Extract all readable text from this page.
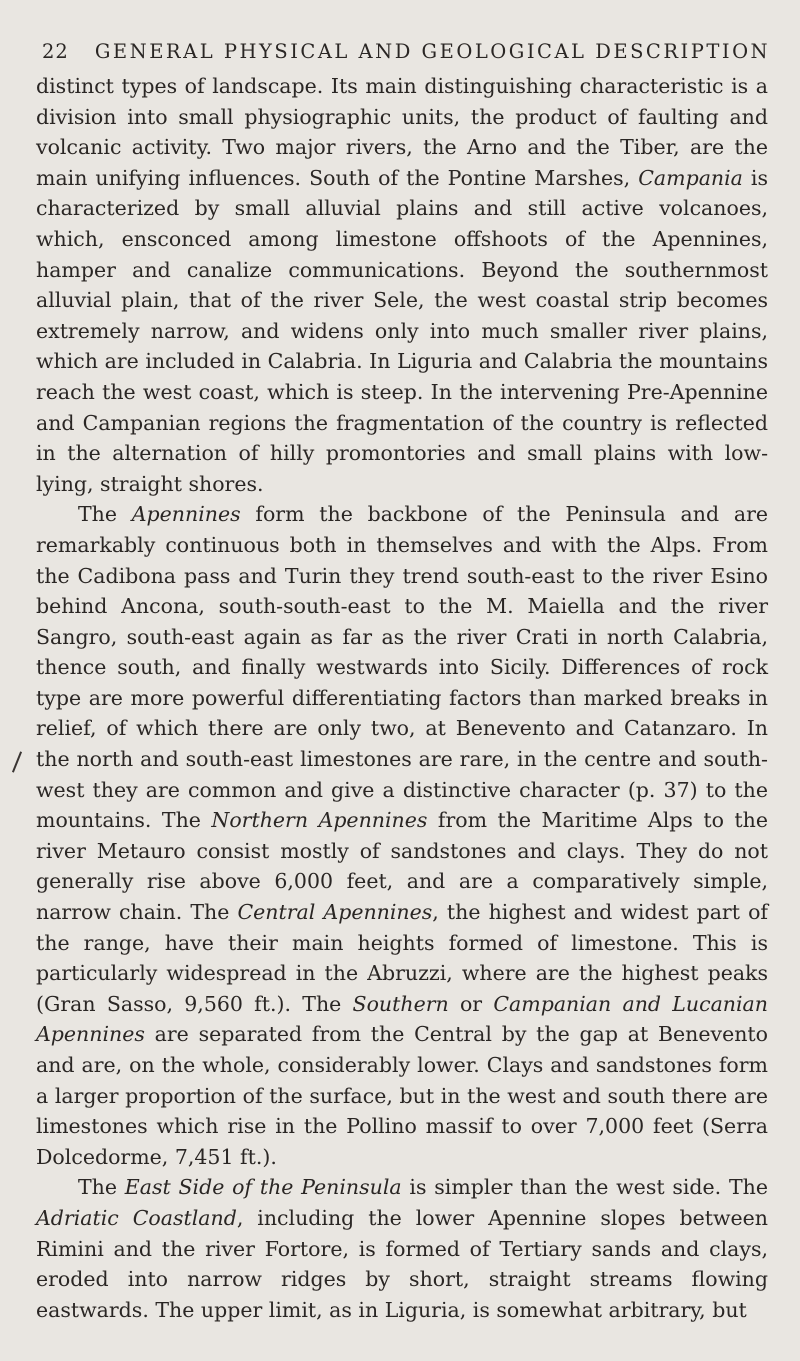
22 GENERAL PHYSICAL AND GEOLOGICAL DESCRIPTION

distinct types of landscape. Its main distinguishing characteristic is a division into small physiographic units, the product of faulting and volcanic activity. Two major rivers, the Arno and the Tiber, are the main unifying influences. South of the Pontine Marshes, Campania is characterized by small alluvial plains and still active volcanoes, which, ensconced among limestone offshoots of the Apennines, hamper and canalize communications. Beyond the southernmost alluvial plain, that of the river Sele, the west coastal strip becomes extremely narrow, and widens only into much smaller river plains, which are included in Calabria. In Liguria and Calabria the mountains reach the west coast, which is steep. In the intervening Pre-Apennine and Campanian regions the fragmentation of the country is reflected in the alternation of hilly promontories and small plains with low-lying, straight shores.

The Apennines form the backbone of the Peninsula and are remarkably continuous both in themselves and with the Alps. From the Cadibona pass and Turin they trend south-east to the river Esino behind Ancona, south-south-east to the M. Maiella and the river Sangro, south-east again as far as the river Crati in north Calabria, thence south, and finally westwards into Sicily. Differences of rock type are more powerful differentiating factors than marked breaks in relief, of which there are only two, at Benevento and Catanzaro. In the north and south-east limestones are rare, in the centre and south-west they are common and give a distinctive character (p. 37) to the mountains. The Northern Apennines from the Maritime Alps to the river Metauro consist mostly of sandstones and clays. They do not generally rise above 6,000 feet, and are a comparatively simple, narrow chain. The Central Apennines, the highest and widest part of the range, have their main heights formed of limestone. This is particularly widespread in the Abruzzi, where are the highest peaks (Gran Sasso, 9,560 ft.). The Southern or Campanian and Lucanian Apennines are separated from the Central by the gap at Benevento and are, on the whole, considerably lower. Clays and sandstones form a larger proportion of the surface, but in the west and south there are limestones which rise in the Pollino massif to over 7,000 feet (Serra Dolcedorme, 7,451 ft.).

The East Side of the Peninsula is simpler than the west side. The Adriatic Coastland, including the lower Apennine slopes between Rimini and the river Fortore, is formed of Tertiary sands and clays, eroded into narrow ridges by short, straight streams flowing eastwards. The upper limit, as in Liguria, is somewhat arbitrary, but
